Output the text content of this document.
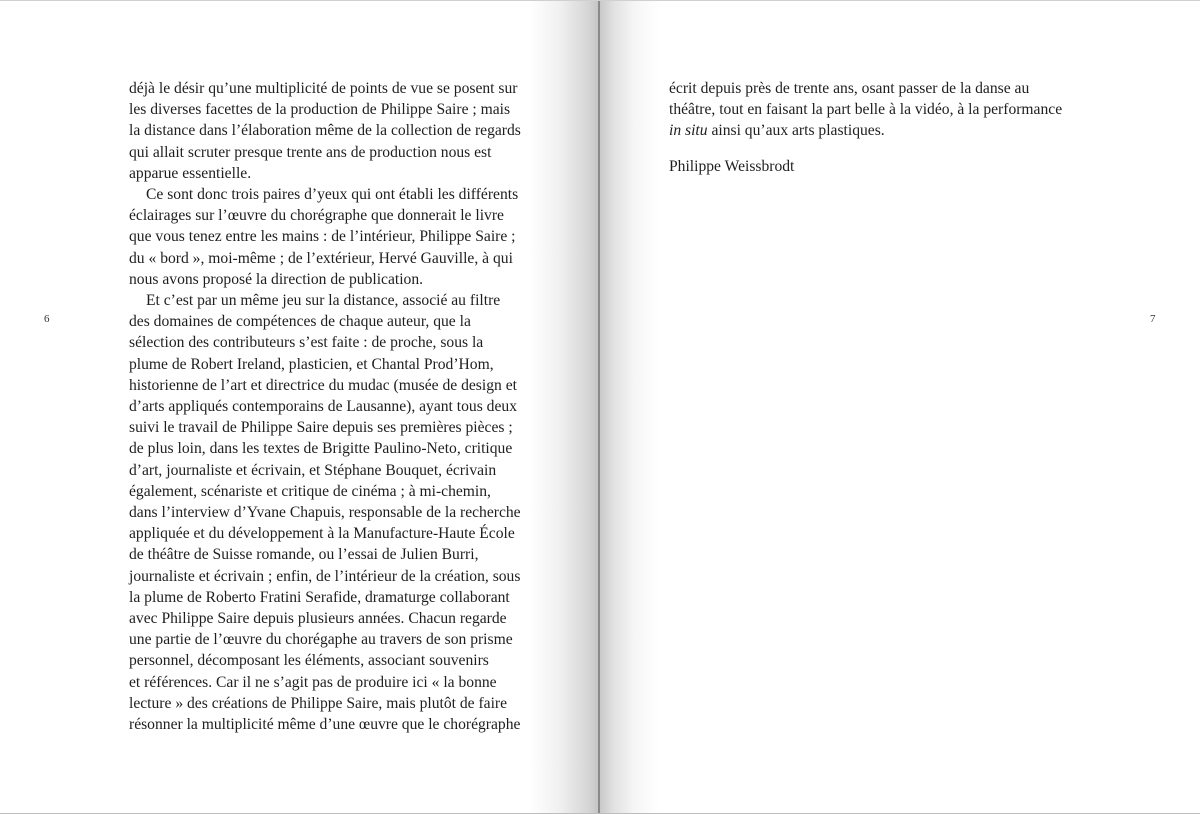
6	7
déjà le désir qu’une multiplicité de points de vue se posent sur
les diverses facettes de la production de Philippe Saire ; mais
la distance dans l’élaboration même de la collection de regards
qui allait scruter presque trente ans de production nous est
apparue essentielle.
Ce sont donc trois paires d’yeux qui ont établi les différents
éclairages sur l’œuvre du chorégraphe que donnerait le livre
que vous tenez entre les mains : de l’intérieur, Philippe Saire ;
du « bord », moi-même ; de l’extérieur, Hervé Gauville, à qui
nous avons proposé la direction de publication.
Et c’est par un même jeu sur la distance, associé au filtre
des domaines de compétences de chaque auteur, que la
sélection des contributeurs s’est faite : de proche, sous la
plume de Robert Ireland, plasticien, et Chantal Prod’Hom,
historienne de l’art et directrice du mudac (musée de design et
d’arts appliqués contemporains de Lausanne), ayant tous deux
suivi le travail de Philippe Saire depuis ses premières pièces ;
de plus loin, dans les textes de Brigitte Paulino-Neto, critique
d’art, journaliste et écrivain, et Stéphane Bouquet, écrivain
également, scénariste et critique de cinéma ; à mi-chemin,
dans l’interview d’Yvane Chapuis, responsable de la recherche
appliquée et du développement à la Manufacture-Haute École
de théâtre de Suisse romande, ou l’essai de Julien Burri,
journaliste et écrivain ; enfin, de l’intérieur de la création, sous
la plume de Roberto Fratini Serafide, dramaturge collaborant
avec Philippe Saire depuis plusieurs années. Chacun regarde
une partie de l’œuvre du chorégaphe au travers de son prisme
personnel, décomposant les éléments, associant souvenirs
et références. Car il ne s’agit pas de produire ici « la bonne
lecture » des créations de Philippe Saire, mais plutôt de faire
résonner la multiplicité même d’une œuvre que le chorégraphe
écrit depuis près de trente ans, osant passer de la danse au
théâtre, tout en faisant la part belle à la vidéo, à la performance
in situ ainsi qu’aux arts plastiques.
Philippe Weissbrodt
